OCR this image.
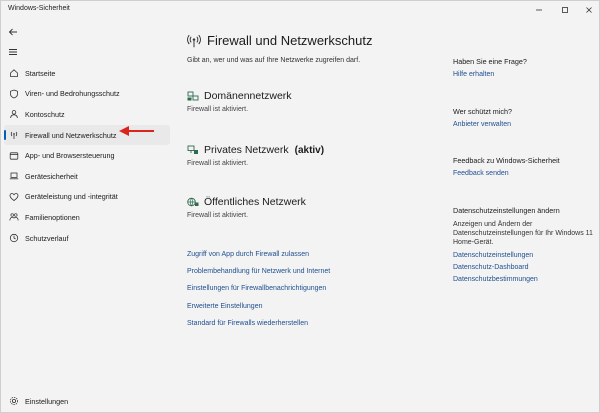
Windows-Sicherheit
Startseite
Viren- und Bedrohungsschutz
Kontoschutz
Firewall und Netzwerkschutz
App- und Browsersteuerung
Gerätesicherheit
Geräteleistung und -integrität
Familienoptionen
Schutzverlauf
Einstellungen
Firewall und Netzwerkschutz
Gibt an, wer und was auf Ihre Netzwerke zugreifen darf.
Domänennetzwerk
Firewall ist aktiviert.
Privates Netzwerk (aktiv)
Firewall ist aktiviert.
Öffentliches Netzwerk
Firewall ist aktiviert.
Zugriff von App durch Firewall zulassen
Problembehandlung für Netzwerk und Internet
Einstellungen für Firewallbenachrichtigungen
Erweiterte Einstellungen
Standard für Firewalls wiederherstellen
Haben Sie eine Frage?
Hilfe erhalten
Wer schützt mich?
Anbieter verwalten
Feedback zu Windows-Sicherheit
Feedback senden
Datenschutzeinstellungen ändern
Anzeigen und Ändern der Datenschutzeinstellungen für Ihr Windows 11 Home-Gerät.
Datenschutzeinstellungen
Datenschutz-Dashboard
Datenschutzbestimmungen
